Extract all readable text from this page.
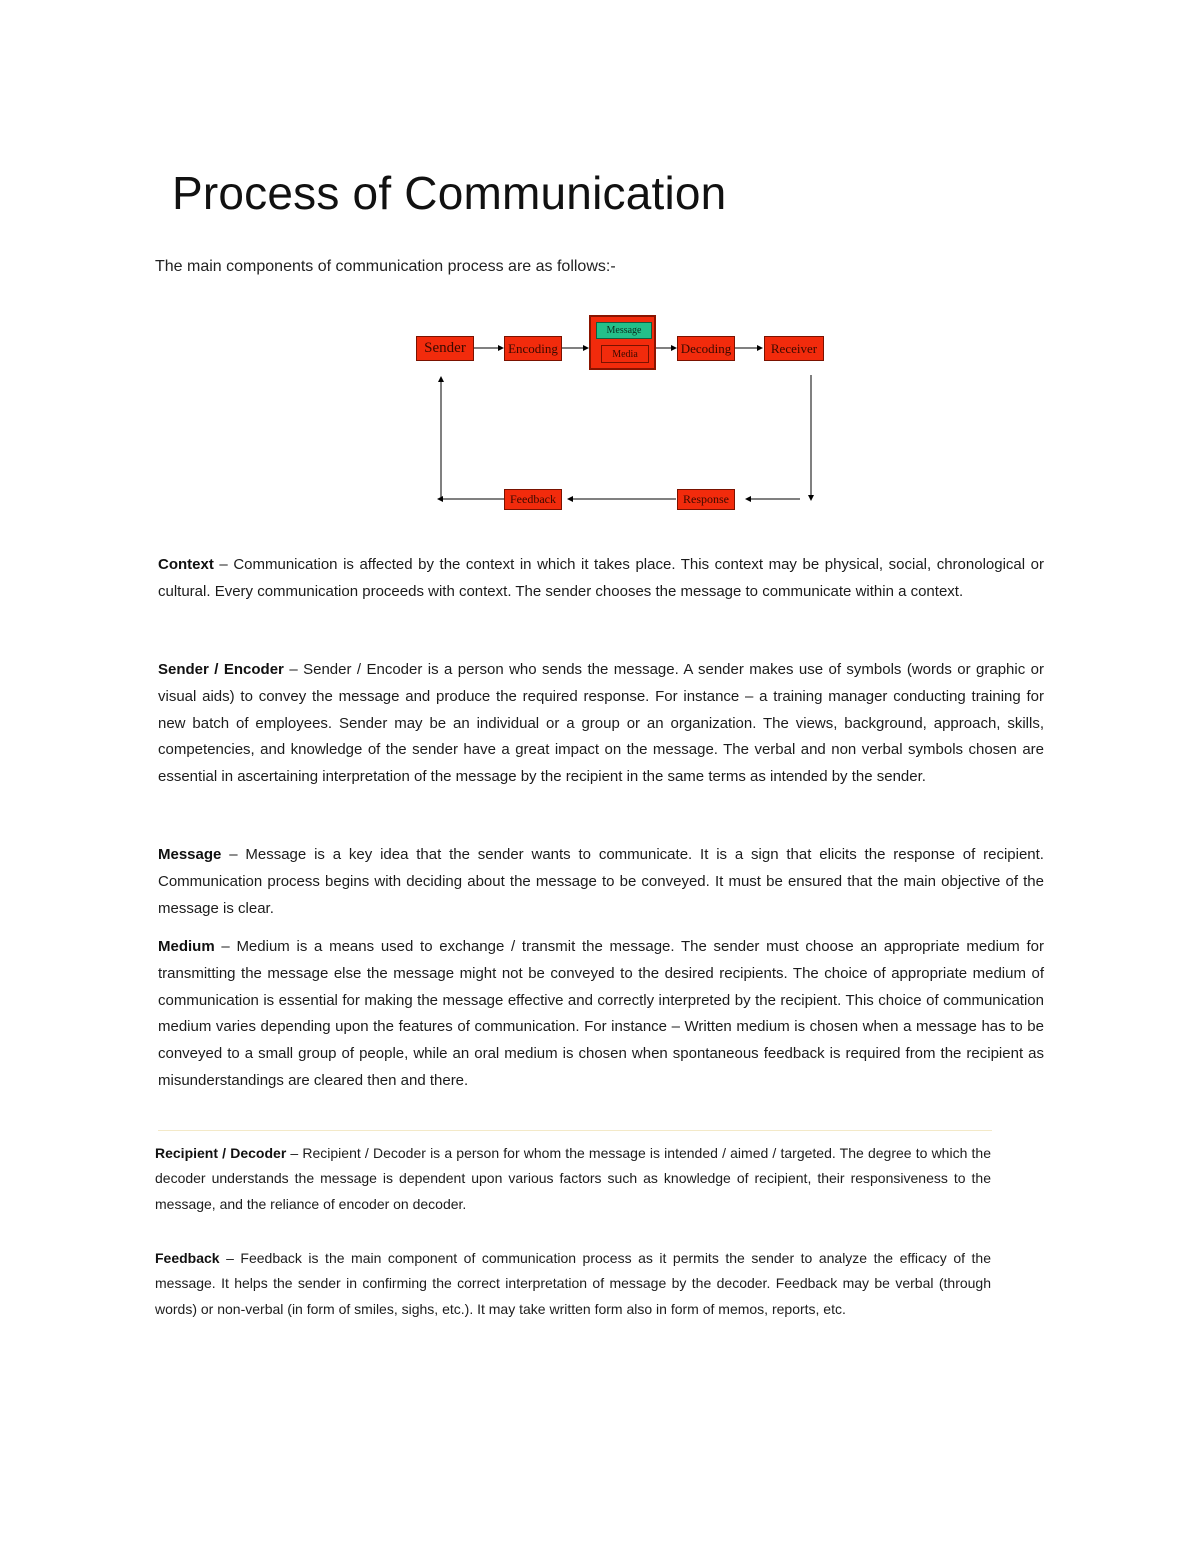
Process of Communication

The main components of communication process are as follows:-

Sender	Encoding
Message
Media	Decoding	Receiver
Response
Feedback

Context – Communication is affected by the context in which it takes place. This context may be physical, social, chronological or cultural. Every communication proceeds with context. The sender chooses the message to communicate within a context.

Sender / Encoder – Sender / Encoder is a person who sends the message. A sender makes use of symbols (words or graphic or visual aids) to convey the message and produce the required response. For instance – a training manager conducting training for new batch of employees. Sender may be an individual or a group or an organization. The views, background, approach, skills, competencies, and knowledge of the sender have a great impact on the message. The verbal and non verbal symbols chosen are essential in ascertaining interpretation of the message by the recipient in the same terms as intended by the sender.

Message – Message is a key idea that the sender wants to communicate. It is a sign that elicits the response of recipient. Communication process begins with deciding about the message to be conveyed. It must be ensured that the main objective of the message is clear.

Medium – Medium is a means used to exchange / transmit the message. The sender must choose an appropriate medium for transmitting the message else the message might not be conveyed to the desired recipients. The choice of appropriate medium of communication is essential for making the message effective and correctly interpreted by the recipient. This choice of communication medium varies depending upon the features of communication. For instance – Written medium is chosen when a message has to be conveyed to a small group of people, while an oral medium is chosen when spontaneous feedback is required from the recipient as misunderstandings are cleared then and there.

Recipient / Decoder – Recipient / Decoder is a person for whom the message is intended / aimed / targeted. The degree to which the decoder understands the message is dependent upon various factors such as knowledge of recipient, their responsiveness to the message, and the reliance of encoder on decoder.

Feedback – Feedback is the main component of communication process as it permits the sender to analyze the efficacy of the message. It helps the sender in confirming the correct interpretation of message by the decoder. Feedback may be verbal (through words) or non-verbal (in form of smiles, sighs, etc.). It may take written form also in form of memos, reports, etc.
